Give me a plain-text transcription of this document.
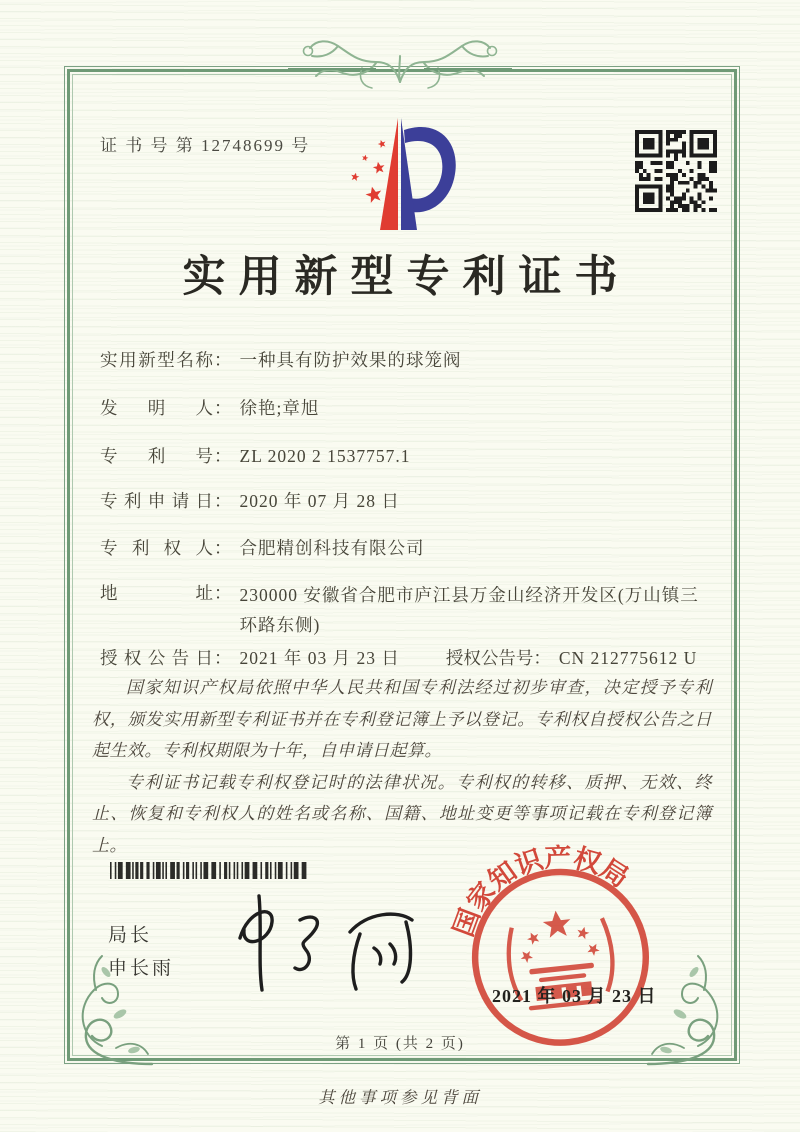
证 书 号 第 12748699 号
实用新型专利证书
实用新型名称 ： 一种具有防护效果的球笼阀
发明人 ： 徐艳;章旭
专利号 ： ZL 2020 2 1537757.1
专利申请日 ： 2020 年 07 月 28 日
专利权人 ： 合肥精创科技有限公司
地址 ： 230000 安徽省合肥市庐江县万金山经济开发区(万山镇三环路东侧)
授权公告日 ： 2021 年 03 月 23 日	授权公告号 ： CN 212775612 U

国家知识产权局依照中华人民共和国专利法经过初步审查，决定授予专利权，颁发实用新型专利证书并在专利登记簿上予以登记。专利权自授权公告之日起生效。专利权期限为十年，自申请日起算。

专利证书记载专利权登记时的法律状况。专利权的转移、质押、无效、终止、恢复和专利权人的姓名或名称、国籍、地址变更等事项记载在专利登记簿上。

局长
申长雨
国家知识产权局
2021 年 03 月 23 日
第 1 页 (共 2 页)
其他事项参见背面
